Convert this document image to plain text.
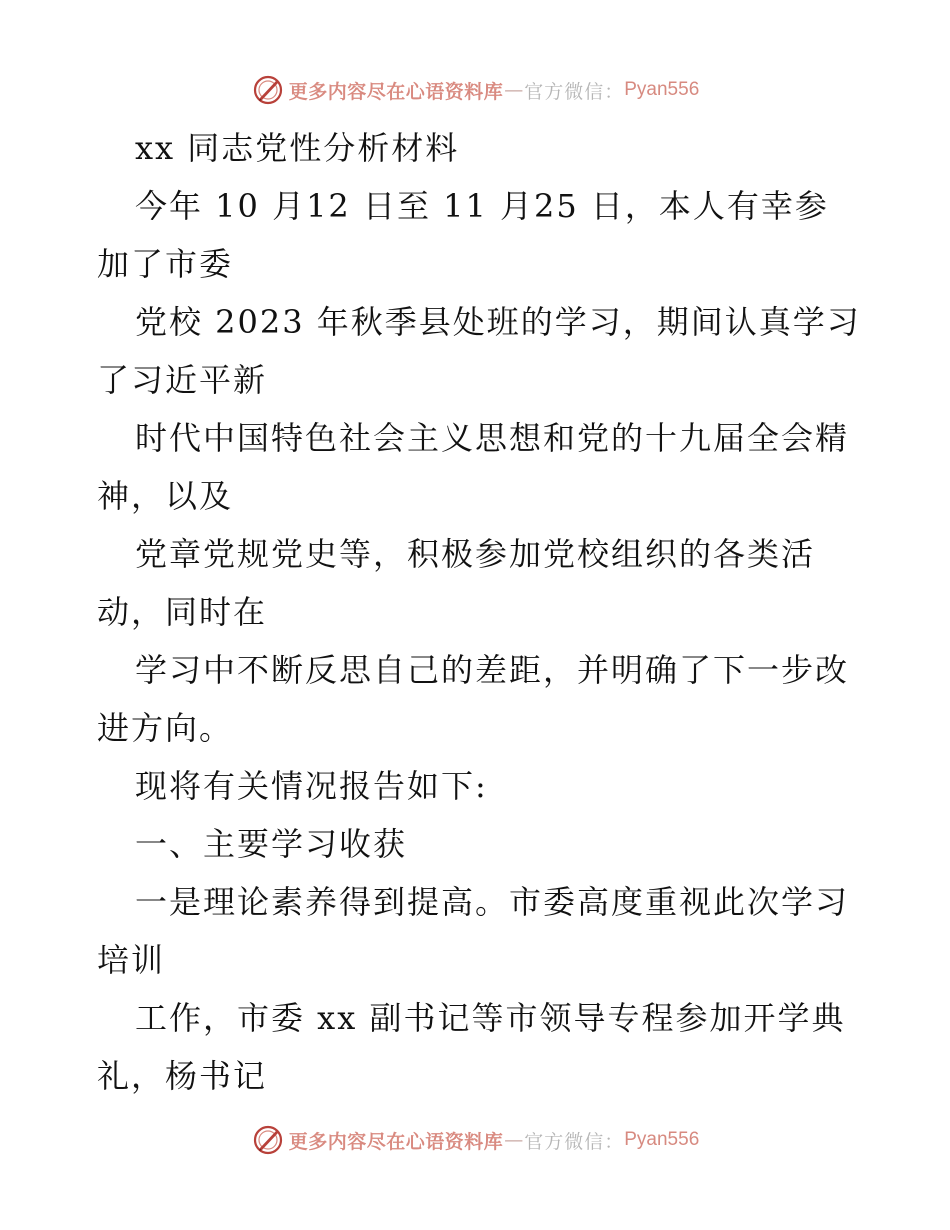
更多内容尽在心语资料库 — 官方微信： Pyan556
xx 同志党性分析材料
今年 10 月12 日至 11 月25 日，本人有幸参
加了市委
党校 2023 年秋季县处班的学习，期间认真学习
了习近平新
时代中国特色社会主义思想和党的十九届全会精
神，以及
党章党规党史等，积极参加党校组织的各类活
动，同时在
学习中不断反思自己的差距，并明确了下一步改
进方向。
现将有关情况报告如下:
一、主要学习收获
一是理论素养得到提高。市委高度重视此次学习
培训
工作，市委 xx 副书记等市领导专程参加开学典
礼，杨书记
更多内容尽在心语资料库 — 官方微信： Pyan556
